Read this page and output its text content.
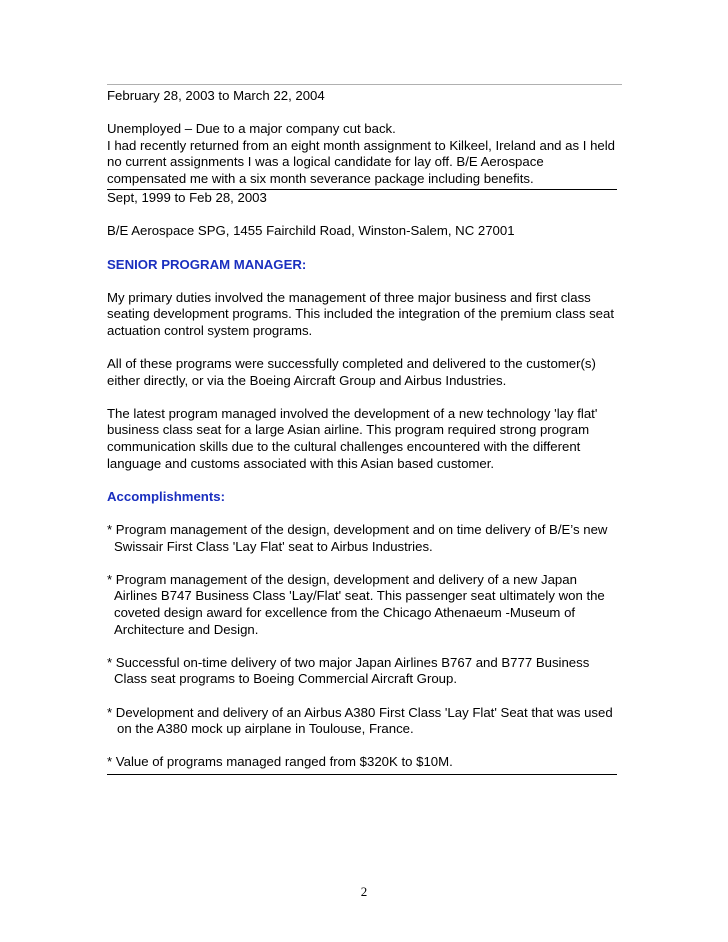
February 28, 2003 to March 22, 2004
Unemployed – Due to a major company cut back.
I had recently returned from an eight month assignment to Kilkeel, Ireland and as I held
no current assignments I was a logical candidate for lay off. B/E Aerospace
compensated me with a six month severance package including benefits.
Sept, 1999 to Feb 28, 2003
B/E Aerospace SPG, 1455 Fairchild Road, Winston-Salem, NC 27001
SENIOR PROGRAM MANAGER:
My primary duties involved the management of three major business and first class
seating development programs. This included the integration of the premium class seat
actuation control system programs.
All of these programs were successfully completed and delivered to the customer(s)
either directly, or via the Boeing Aircraft Group and Airbus Industries.
The latest program managed involved the development of a new technology 'lay flat'
business class seat for a large Asian airline. This program required strong program
communication skills due to the cultural challenges encountered with the different
language and customs associated with this Asian based customer.
Accomplishments:
* Program management of the design, development and on time delivery of B/E’s new
Swissair First Class 'Lay Flat' seat to Airbus Industries.
* Program management of the design, development and delivery of a new Japan
Airlines B747 Business Class 'Lay/Flat' seat. This passenger seat ultimately won the
coveted design award for excellence from the Chicago Athenaeum -Museum of
Architecture and Design.
* Successful on-time delivery of two major Japan Airlines B767 and B777 Business
Class seat programs to Boeing Commercial Aircraft Group.
* Development and delivery of an Airbus A380 First Class 'Lay Flat' Seat that was used
on the A380 mock up airplane in Toulouse, France.
* Value of programs managed ranged from $320K to $10M.
2
